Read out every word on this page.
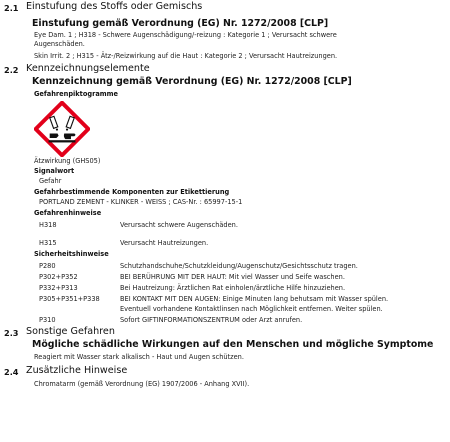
2.1 Einstufung des Stoffs oder Gemischs
Einstufung gemäß Verordnung (EG) Nr. 1272/2008 [CLP]
Eye Dam. 1 ; H318 - Schwere Augenschädigung/-reizung : Kategorie 1 ; Verursacht schwere
Augenschäden.
Skin Irrit. 2 ; H315 - Ätz-/Reizwirkung auf die Haut : Kategorie 2 ; Verursacht Hautreizungen.
2.2 Kennzeichnungselemente
Kennzeichnung gemäß Verordnung (EG) Nr. 1272/2008 [CLP]
Gefahrenpiktogramme
Ätzwirkung (GHS05)
Signalwort
Gefahr
Gefahrbestimmende Komponenten zur Etikettierung
PORTLAND ZEMENT - KLINKER - WEISS ; CAS-Nr. : 65997-15-1
Gefahrenhinweise
H318	Verursacht schwere Augenschäden.
H315	Verursacht Hautreizungen.
Sicherheitshinweise
P280	Schutzhandschuhe/Schutzkleidung/Augenschutz/Gesichtsschutz tragen.
P302+P352	BEI BERÜHRUNG MIT DER HAUT: Mit viel Wasser und Seife waschen.
P332+P313	Bei Hautreizung: Ärztlichen Rat einholen/ärztliche Hilfe hinzuziehen.
P305+P351+P338	BEI KONTAKT MIT DEN AUGEN: Einige Minuten lang behutsam mit Wasser spülen.
Eventuell vorhandene Kontaktlinsen nach Möglichkeit entfernen. Weiter spülen.
P310	Sofort GIFTINFORMATIONSZENTRUM oder Arzt anrufen.
2.3 Sonstige Gefahren
Mögliche schädliche Wirkungen auf den Menschen und mögliche Symptome
Reagiert mit Wasser stark alkalisch - Haut und Augen schützen.
2.4 Zusätzliche Hinweise
Chromatarm (gemäß Verordnung (EG) 1907/2006 - Anhang XVII).
